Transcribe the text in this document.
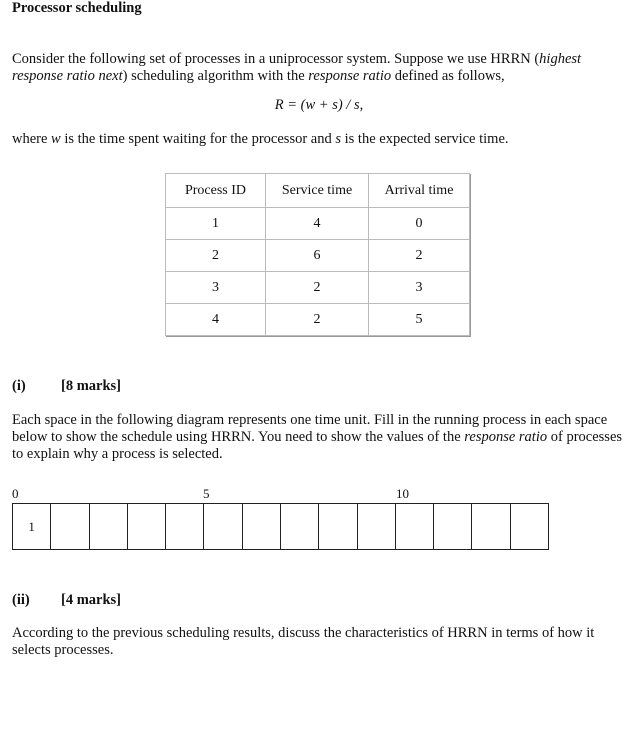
Processor scheduling
Consider the following set of processes in a uniprocessor system. Suppose we use HRRN (highest
response ratio next) scheduling algorithm with the response ratio defined as follows,
R = (w + s) / s,
where w is the time spent waiting for the processor and s is the expected service time.
Process ID	Service time	Arrival time
1	4	0
2	6	2
3	2	3
4	2	5
(i) [8 marks]
Each space in the following diagram represents one time unit. Fill in the running process in each space below to show the schedule using HRRN. You need to show the values of the response ratio of processes to explain why a process is selected.
0	5	10
1
(ii) [4 marks]
According to the previous scheduling results, discuss the characteristics of HRRN in terms of how it selects processes.
